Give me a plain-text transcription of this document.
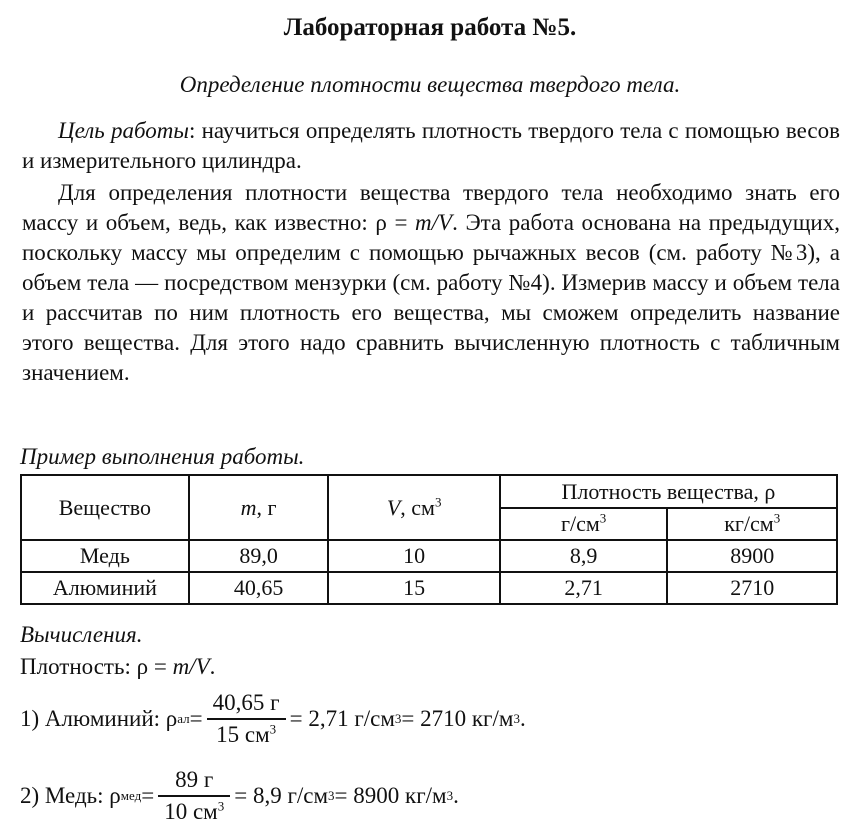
Лабораторная работа №5.
Определение плотности вещества твердого тела.

Цель работы: научиться определять плотность твердого тела с помощью весов и измерительного цилиндра.

Для определения плотности вещества твердого тела необходимо знать его массу и объем, ведь, как известно: ρ = m/V. Эта работа основана на предыдущих, поскольку массу мы определим с помощью рычажных весов (см. работу №3), а объем тела — посредством мензурки (см. работу №4). Измерив массу и объем тела и рассчитав по ним плотность его вещества, мы сможем определить название этого вещества. Для этого надо сравнить вычисленную плотность с табличным значением.

Пример выполнения работы.
Вещество	m, г	V, $см^3$	Плотность вещества, ρ	
			$г/см^3$	$кг/см^3$
Медь	89,0	10	8,9	8900
Алюминий	40,65	15	2,71	2710
Вычисления.
Плотность: ρ = m/V.
1) Алюминий: ρ ал = $\frac{40,65 г}{15 см^3} = 2,71$ г/см 3 = 2710 кг/м 3 .
2) Медь: ρ мед = $\frac{89 г}{10 см^3} = 8,9$ г/см 3 = 8900 кг/м 3 .
